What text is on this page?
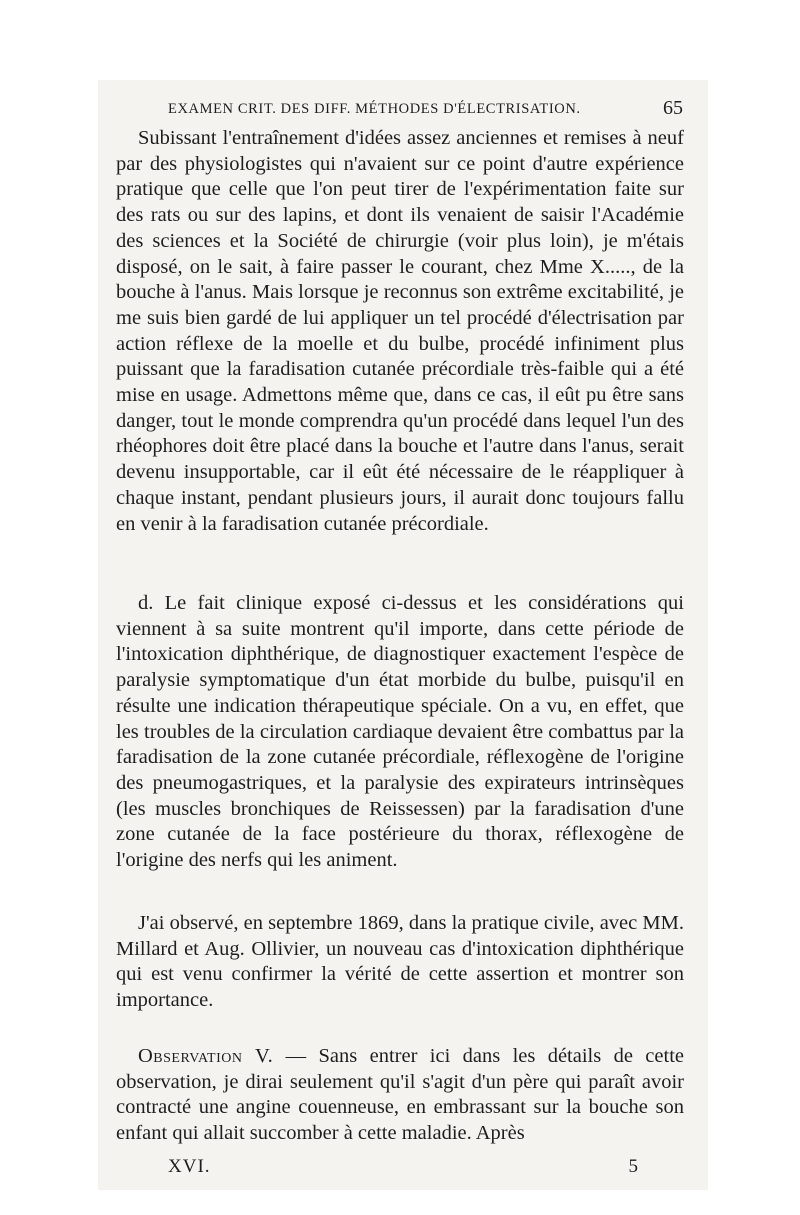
EXAMEN CRIT. DES DIFF. MÉTHODES D'ÉLECTRISATION.	65

Subissant l'entraînement d'idées assez anciennes et remises à neuf par des physiologistes qui n'avaient sur ce point d'autre expérience pratique que celle que l'on peut tirer de l'expérimentation faite sur des rats ou sur des lapins, et dont ils venaient de saisir l'Académie des sciences et la Société de chirurgie (voir plus loin), je m'étais disposé, on le sait, à faire passer le courant, chez Mme X....., de la bouche à l'anus. Mais lorsque je reconnus son extrême excitabilité, je me suis bien gardé de lui appliquer un tel procédé d'électrisation par action réflexe de la moelle et du bulbe, procédé infiniment plus puissant que la faradisation cutanée précordiale très-faible qui a été mise en usage. Admettons même que, dans ce cas, il eût pu être sans danger, tout le monde comprendra qu'un procédé dans lequel l'un des rhéophores doit être placé dans la bouche et l'autre dans l'anus, serait devenu insupportable, car il eût été nécessaire de le réappliquer à chaque instant, pendant plusieurs jours, il aurait donc toujours fallu en venir à la faradisation cutanée précordiale.

d. Le fait clinique exposé ci-dessus et les considérations qui viennent à sa suite montrent qu'il importe, dans cette période de l'intoxication diphthérique, de diagnostiquer exactement l'espèce de paralysie symptomatique d'un état morbide du bulbe, puisqu'il en résulte une indication thérapeutique spéciale. On a vu, en effet, que les troubles de la circulation cardiaque devaient être combattus par la faradisation de la zone cutanée précordiale, réflexogène de l'origine des pneumogastriques, et la paralysie des expirateurs intrinsèques (les muscles bronchiques de Reissessen) par la faradisation d'une zone cutanée de la face postérieure du thorax, réflexogène de l'origine des nerfs qui les animent.

J'ai observé, en septembre 1869, dans la pratique civile, avec MM. Millard et Aug. Ollivier, un nouveau cas d'intoxication diphthérique qui est venu confirmer la vérité de cette assertion et montrer son importance.

Observation V. — Sans entrer ici dans les détails de cette observation, je dirai seulement qu'il s'agit d'un père qui paraît avoir contracté une angine couenneuse, en embrassant sur la bouche son enfant qui allait succomber à cette maladie. Après

XVI.	5
